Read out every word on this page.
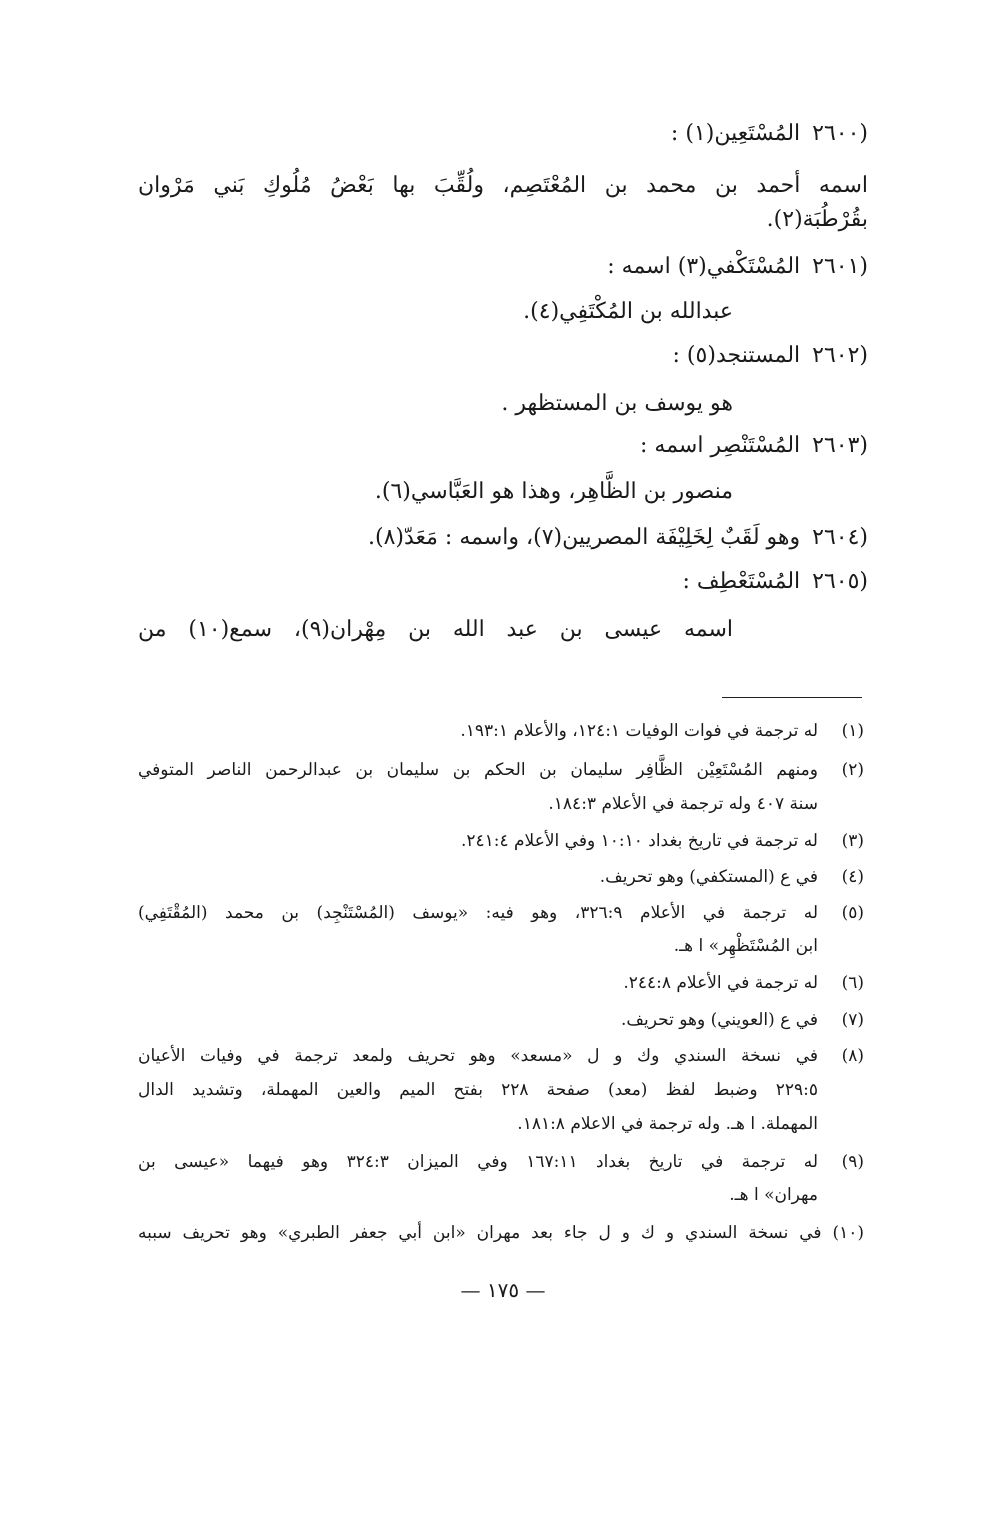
(٢٦٠٠المُسْتَعِين(١) :
اسمه أحمد بن محمد بن المُعْتَصِم، ولُقِّبَ بها بَعْضُ مُلُوكِ بَني مَرْوان
بقُرْطُبَة(٢).
(٢٦٠١المُسْتَكْفي(٣) اسمه :
عبدالله بن المُكْتَفِي(٤).
(٢٦٠٢المستنجد(٥) :
هو يوسف بن المستظهر .
(٢٦٠٣المُسْتَنْصِر اسمه :
منصور بن الظَّاهِر، وهذا هو العَبَّاسي(٦).
(٢٦٠٤وهو لَقَبٌ لِخَلِيْفَة المصريين(٧)، واسمه : مَعَدّ(٨).
(٢٦٠٥المُسْتَعْطِف :
اسمه عيسى بن عبد الله بن مِهْران(٩)، سمع(١٠) من
(١)
له ترجمة في فوات الوفيات ١٢٤:١، والأعلام ١٩٣:١.
(٢)
ومنهم المُسْتَعِيْن الظَّافِر سليمان بن الحكم بن سليمان بن عبدالرحمن الناصر المتوفي
سنة ٤٠٧ وله ترجمة في الأعلام ١٨٤:٣.
(٣)
له ترجمة في تاريخ بغداد ١٠:١٠ وفي الأعلام ٢٤١:٤.
(٤)
في ع (المستكفي) وهو تحريف.
(٥)
له ترجمة في الأعلام ٣٢٦:٩، وهو فيه: «يوسف (المُسْتَنْجِد) بن محمد (المُقْتَفِي)
ابن المُسْتَظْهِر» ا هـ.
(٦)
له ترجمة في الأعلام ٢٤٤:٨.
(٧)
في ع (العويني) وهو تحريف.
(٨)
في نسخة السندي وك و ل «مسعد» وهو تحريف ولمعد ترجمة في وفيات الأعيان
٢٢٩:٥ وضبط لفظ (معد) صفحة ٢٢٨ بفتح الميم والعين المهملة، وتشديد الدال
المهملة. ا هـ. وله ترجمة في الاعلام ١٨١:٨.
(٩)
له ترجمة في تاريخ بغداد ١٦٧:١١ وفي الميزان ٣٢٤:٣ وهو فيهما «عيسى بن
مهران» ا هـ.
(١٠) في نسخة السندي و ك و ل جاء بعد مهران «ابن أبي جعفر الطبري» وهو تحريف سببه
— ١٧٥ —
